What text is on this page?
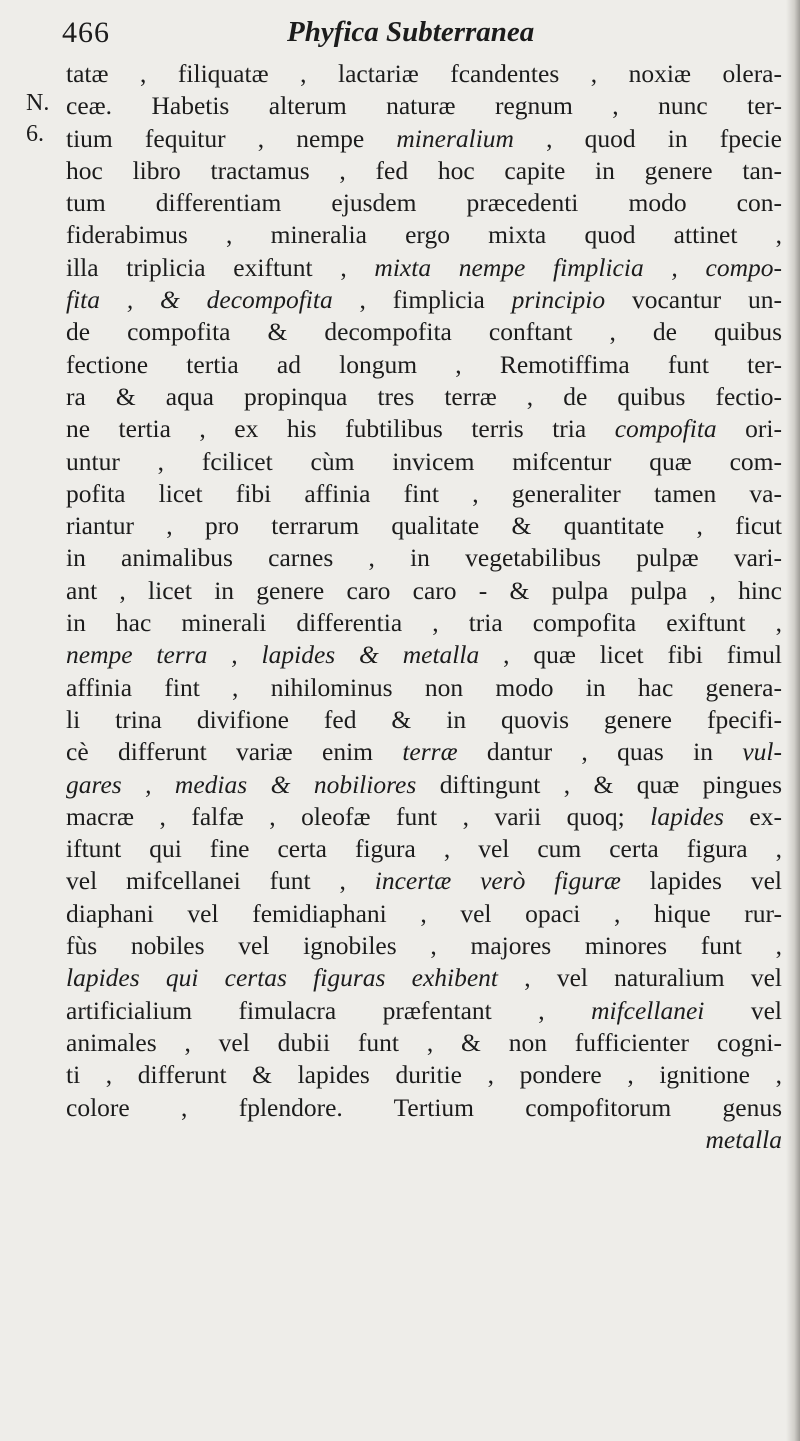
466	Phyfica Subterranea
N.
6.
tatæ , filiquatæ , lactariæ fcandentes , noxiæ olera-
ceæ. Habetis alterum naturæ regnum , nunc ter-
tium fequitur , nempe mineralium , quod in fpecie
hoc libro tractamus , fed hoc capite in genere tan-
tum differentiam ejusdem præcedenti modo con-
fiderabimus , mineralia ergo mixta quod attinet ,
illa triplicia exiftunt , mixta nempe fimplicia , compo-
fita , & decompofita , fimplicia principio vocantur un-
de compofita & decompofita conftant , de quibus
fectione tertia ad longum , Remotiffima funt ter-
ra & aqua propinqua tres terræ , de quibus fectio-
ne tertia , ex his fubtilibus terris tria compofita ori-
untur , fcilicet cùm invicem mifcentur quæ com-
pofita licet fibi affinia fint , generaliter tamen va-
riantur , pro terrarum qualitate & quantitate , ficut
in animalibus carnes , in vegetabilibus pulpæ vari-
ant , licet in genere caro caro - & pulpa pulpa , hinc
in hac minerali differentia , tria compofita exiftunt ,
nempe terra , lapides & metalla , quæ licet fibi fimul
affinia fint , nihilominus non modo in hac genera-
li trina divifione fed & in quovis genere fpecifi-
cè differunt variæ enim terræ dantur , quas in vul-
gares , medias & nobiliores diftingunt , & quæ pingues
macræ , falfæ , oleofæ funt , varii quoq; lapides ex-
iftunt qui fine certa figura , vel cum certa figura ,
vel mifcellanei funt , incertæ verò figuræ lapides vel
diaphani vel femidiaphani , vel opaci , hique rur-
fùs nobiles vel ignobiles , majores minores funt ,
lapides qui certas figuras exhibent , vel naturalium vel
artificialium fimulacra præfentant , mifcellanei vel
animales , vel dubii funt , & non fufficienter cogni-
ti , differunt & lapides duritie , pondere , ignitione ,
colore , fplendore. Tertium compofitorum genus
metalla
